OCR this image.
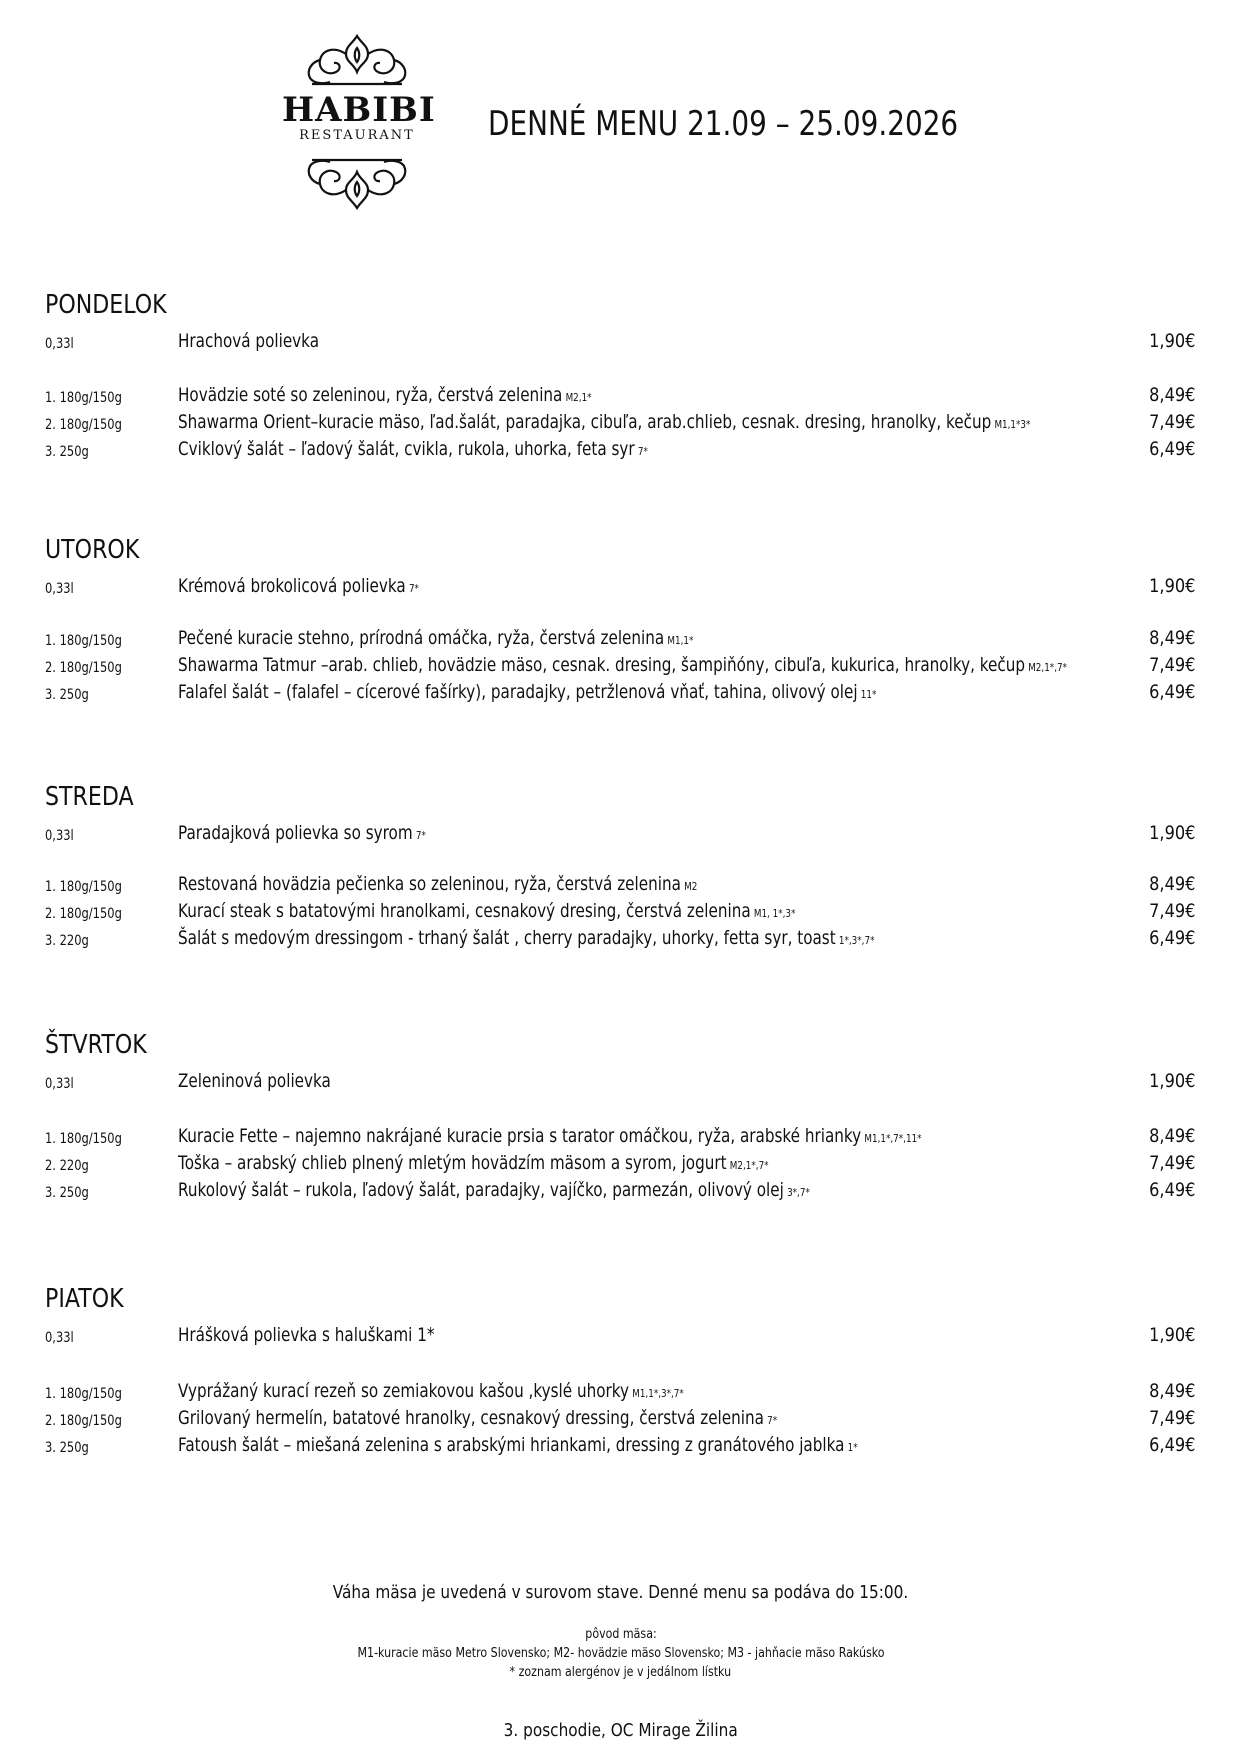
HABIBI
RESTAURANT	DENNÉ MENU 21.09 – 25.09.2026
PONDELOK
0,33l	Hrachová polievka	1,90€
1. 180g/150g	Hovädzie soté so zeleninou, ryža, čerstvá zelenina M2,1*	8,49€
2. 180g/150g	Shawarma Orient–kuracie mäso, ľad.šalát, paradajka, cibuľa, arab.chlieb, cesnak. dresing, hranolky, kečup M1,1*3*	7,49€
3. 250g	Cviklový šalát – ľadový šalát, cvikla, rukola, uhorka, feta syr 7*	6,49€
UTOROK
0,33l	Krémová brokolicová polievka 7*	1,90€
1. 180g/150g	Pečené kuracie stehno, prírodná omáčka, ryža, čerstvá zelenina M1,1*	8,49€
2. 180g/150g	Shawarma Tatmur –arab. chlieb, hovädzie mäso, cesnak. dresing, šampiňóny, cibuľa, kukurica, hranolky, kečup M2,1*,7*	7,49€
3. 250g	Falafel šalát – (falafel – cícerové fašírky), paradajky, petržlenová vňať, tahina, olivový olej 11*	6,49€
STREDA
0,33l	Paradajková polievka so syrom 7*	1,90€
1. 180g/150g	Restovaná hovädzia pečienka so zeleninou, ryža, čerstvá zelenina M2	8,49€
2. 180g/150g	Kurací steak s batatovými hranolkami, cesnakový dresing, čerstvá zelenina M1, 1*,3*	7,49€
3. 220g	Šalát s medovým dressingom - trhaný šalát , cherry paradajky, uhorky, fetta syr, toast 1*,3*,7*	6,49€
ŠTVRTOK
0,33l	Zeleninová polievka	1,90€
1. 180g/150g	Kuracie Fette – najemno nakrájané kuracie prsia s tarator omáčkou, ryža, arabské hrianky M1,1*,7*,11*	8,49€
2. 220g	Toška – arabský chlieb plnený mletým hovädzím mäsom a syrom, jogurt M2,1*,7*	7,49€
3. 250g	Rukolový šalát – rukola, ľadový šalát, paradajky, vajíčko, parmezán, olivový olej 3*,7*	6,49€
PIATOK
0,33l	Hrášková polievka s haluškami 1*	1,90€
1. 180g/150g	Vyprážaný kurací rezeň so zemiakovou kašou ,kyslé uhorky M1,1*,3*,7*	8,49€
2. 180g/150g	Grilovaný hermelín, batatové hranolky, cesnakový dressing, čerstvá zelenina 7*	7,49€
3. 250g	Fatoush šalát – miešaná zelenina s arabskými hriankami, dressing z granátového jablka 1*	6,49€
Váha mäsa je uvedená v surovom stave. Denné menu sa podáva do 15:00.
pôvod mäsa:
M1-kuracie mäso Metro Slovensko; M2- hovädzie mäso Slovensko; M3 - jahňacie mäso Rakúsko
* zoznam alergénov je v jedálnom lístku
3. poschodie, OC Mirage Žilina
